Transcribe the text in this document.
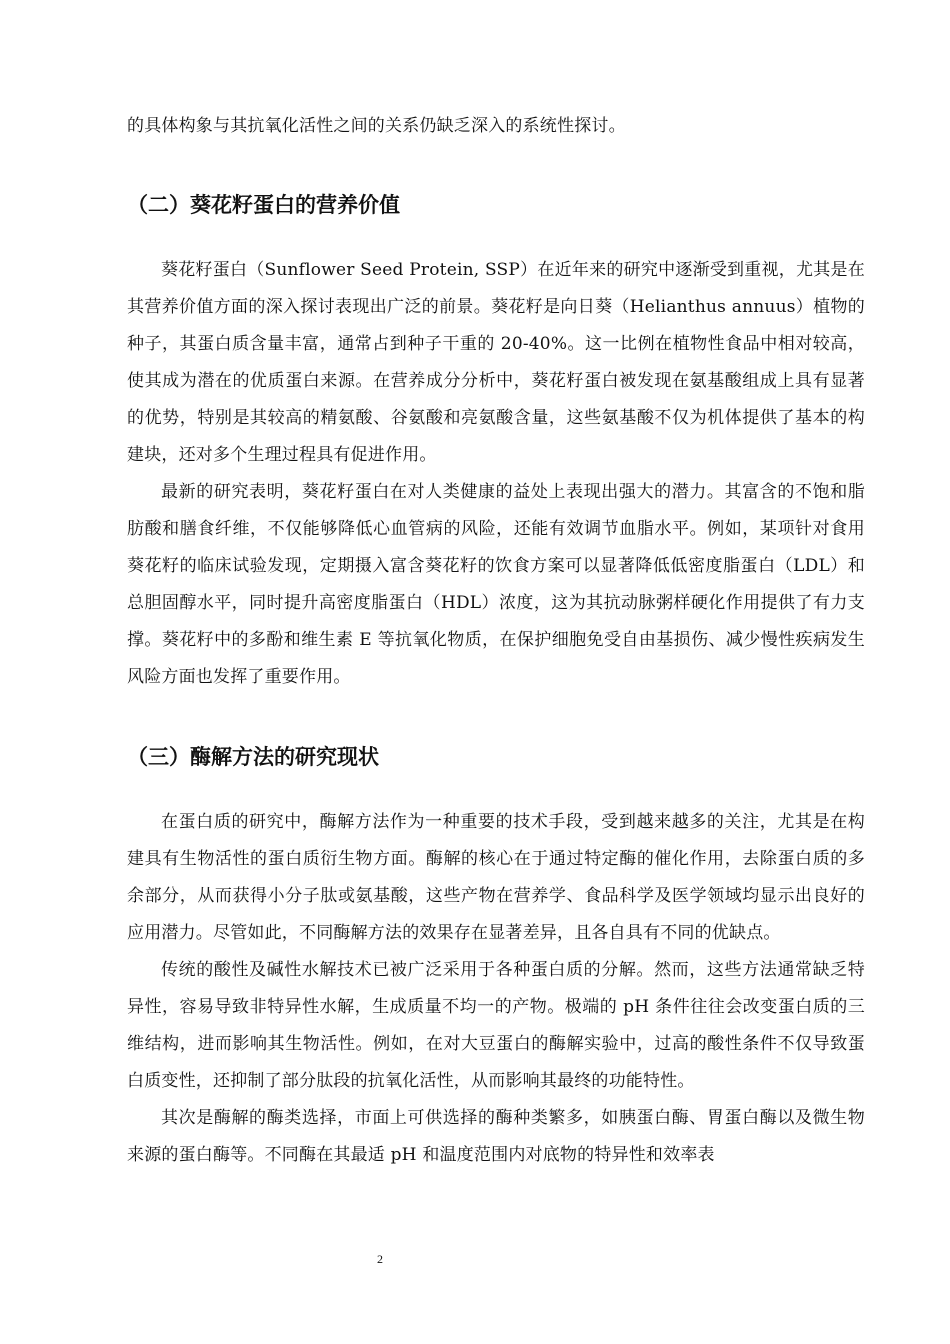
的具体构象与其抗氧化活性之间的关系仍缺乏深入的系统性探讨。

（二）葵花籽蛋白的营养价值

葵花籽蛋白（Sunflower Seed Protein, SSP）在近年来的研究中逐渐受到重视，尤其是在其营养价值方面的深入探讨表现出广泛的前景。葵花籽是向日葵（Helianthus annuus）植物的种子，其蛋白质含量丰富，通常占到种子干重的 20-40%。这一比例在植物性食品中相对较高，使其成为潜在的优质蛋白来源。在营养成分分析中，葵花籽蛋白被发现在氨基酸组成上具有显著的优势，特别是其较高的精氨酸、谷氨酸和亮氨酸含量，这些氨基酸不仅为机体提供了基本的构建块，还对多个生理过程具有促进作用。

最新的研究表明，葵花籽蛋白在对人类健康的益处上表现出强大的潜力。其富含的不饱和脂肪酸和膳食纤维，不仅能够降低心血管病的风险，还能有效调节血脂水平。例如，某项针对食用葵花籽的临床试验发现，定期摄入富含葵花籽的饮食方案可以显著降低低密度脂蛋白（LDL）和总胆固醇水平，同时提升高密度脂蛋白（HDL）浓度，这为其抗动脉粥样硬化作用提供了有力支撑。葵花籽中的多酚和维生素 E 等抗氧化物质，在保护细胞免受自由基损伤、减少慢性疾病发生风险方面也发挥了重要作用。

（三）酶解方法的研究现状

在蛋白质的研究中，酶解方法作为一种重要的技术手段，受到越来越多的关注，尤其是在构建具有生物活性的蛋白质衍生物方面。酶解的核心在于通过特定酶的催化作用，去除蛋白质的多余部分，从而获得小分子肽或氨基酸，这些产物在营养学、食品科学及医学领域均显示出良好的应用潜力。尽管如此，不同酶解方法的效果存在显著差异，且各自具有不同的优缺点。

传统的酸性及碱性水解技术已被广泛采用于各种蛋白质的分解。然而，这些方法通常缺乏特异性，容易导致非特异性水解，生成质量不均一的产物。极端的 pH 条件往往会改变蛋白质的三维结构，进而影响其生物活性。例如，在对大豆蛋白的酶解实验中，过高的酸性条件不仅导致蛋白质变性，还抑制了部分肽段的抗氧化活性，从而影响其最终的功能特性。

其次是酶解的酶类选择，市面上可供选择的酶种类繁多，如胰蛋白酶、胃蛋白酶以及微生物来源的蛋白酶等。不同酶在其最适 pH 和温度范围内对底物的特异性和效率表

2
